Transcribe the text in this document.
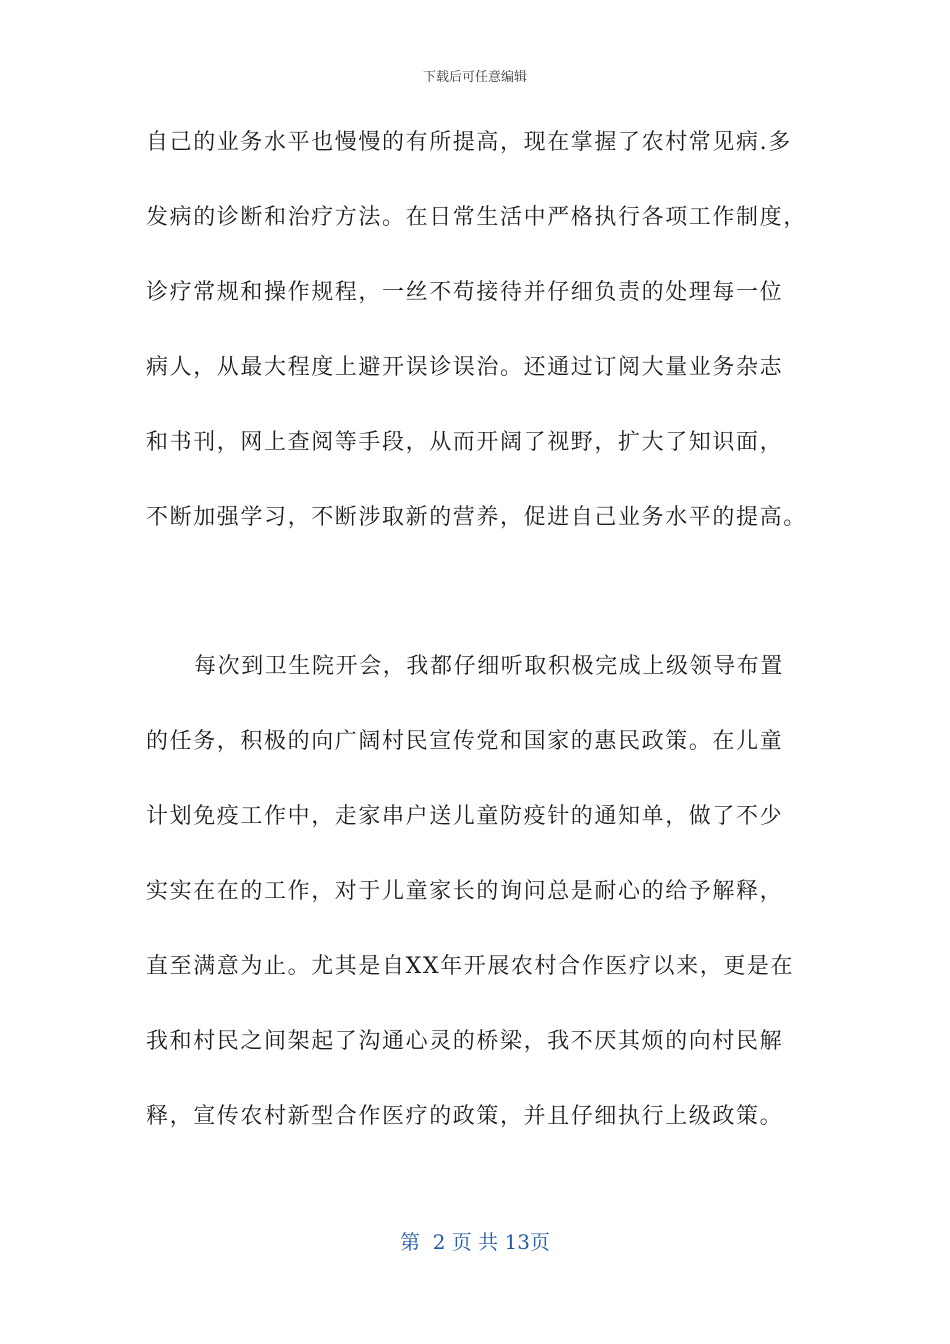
下载后可任意编辑
自己的业务水平也慢慢的有所提高，现在掌握了农村常见病.多
发病的诊断和治疗方法。在日常生活中严格执行各项工作制度，
诊疗常规和操作规程，一丝不苟接待并仔细负责的处理每一位
病人，从最大程度上避开误诊误治。还通过订阅大量业务杂志
和书刊，网上查阅等手段，从而开阔了视野，扩大了知识面，
不断加强学习，不断涉取新的营养，促进自己业务水平的提高。
每次到卫生院开会，我都仔细听取积极完成上级领导布置
的任务，积极的向广阔村民宣传党和国家的惠民政策。在儿童
计划免疫工作中，走家串户送儿童防疫针的通知单，做了不少
实实在在的工作，对于儿童家长的询问总是耐心的给予解释，
直至满意为止。尤其是自XX年开展农村合作医疗以来，更是在
我和村民之间架起了沟通心灵的桥梁，我不厌其烦的向村民解
释，宣传农村新型合作医疗的政策，并且仔细执行上级政策。
第  2 页 共 13页
